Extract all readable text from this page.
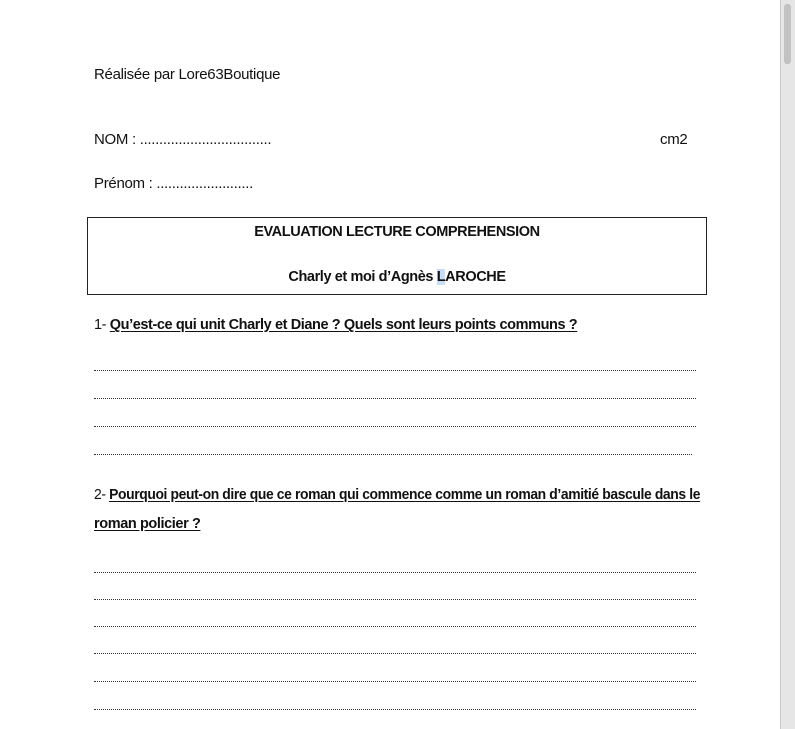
Réalisée par Lore63Boutique
NOM : ..................................	cm2
Prénom : .........................
EVALUATION LECTURE COMPREHENSION
Charly et moi d’Agnès LAROCHE
1- Qu’est-ce qui unit Charly et Diane ? Quels sont leurs points communs ?
2- Pourquoi peut-on dire que ce roman qui commence comme un roman d’amitié bascule dans le
roman policier ?
